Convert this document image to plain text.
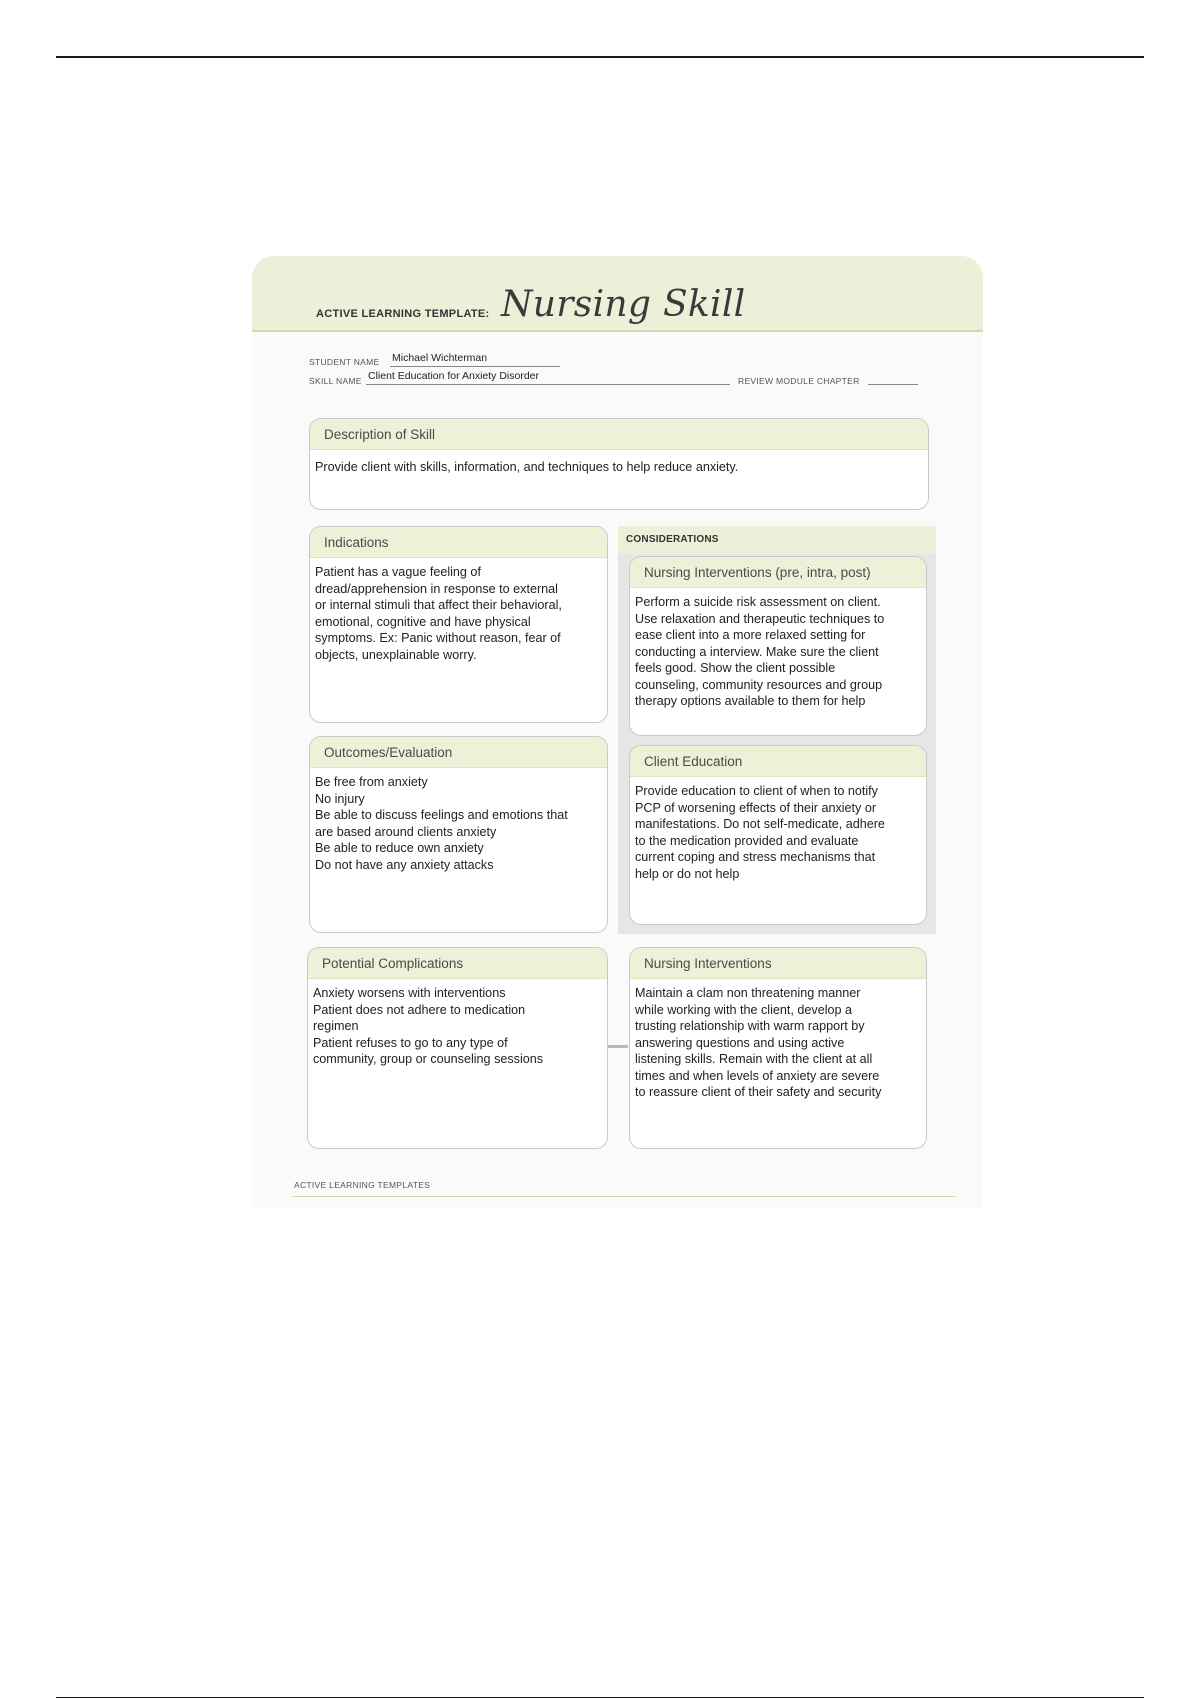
ACTIVE LEARNING TEMPLATE: Nursing Skill
STUDENT NAME Michael Wichterman
SKILL NAME Client Education for Anxiety Disorder	REVIEW MODULE CHAPTER
Description of Skill
Provide client with skills, information, and techniques to help reduce anxiety.
CONSIDERATIONS
Indications
Patient has a vague feeling of
dread/apprehension in response to external
or internal stimuli that affect their behavioral,
emotional, cognitive and have physical
symptoms. Ex: Panic without reason, fear of
objects, unexplainable worry.
Nursing Interventions (pre, intra, post)
Perform a suicide risk assessment on client.
Use relaxation and therapeutic techniques to
ease client into a more relaxed setting for
conducting a interview. Make sure the client
feels good. Show the client possible
counseling, community resources and group
therapy options available to them for help
Outcomes/Evaluation
Be free from anxiety
No injury
Be able to discuss feelings and emotions that
are based around clients anxiety
Be able to reduce own anxiety
Do not have any anxiety attacks
Client Education
Provide education to client of when to notify
PCP of worsening effects of their anxiety or
manifestations. Do not self-medicate, adhere
to the medication provided and evaluate
current coping and stress mechanisms that
help or do not help
Potential Complications
Anxiety worsens with interventions
Patient does not adhere to medication
regimen
Patient refuses to go to any type of
community, group or counseling sessions
Nursing Interventions
Maintain a clam non threatening manner
while working with the client, develop a
trusting relationship with warm rapport by
answering questions and using active
listening skills. Remain with the client at all
times and when levels of anxiety are severe
to reassure client of their safety and security
ACTIVE LEARNING TEMPLATES
